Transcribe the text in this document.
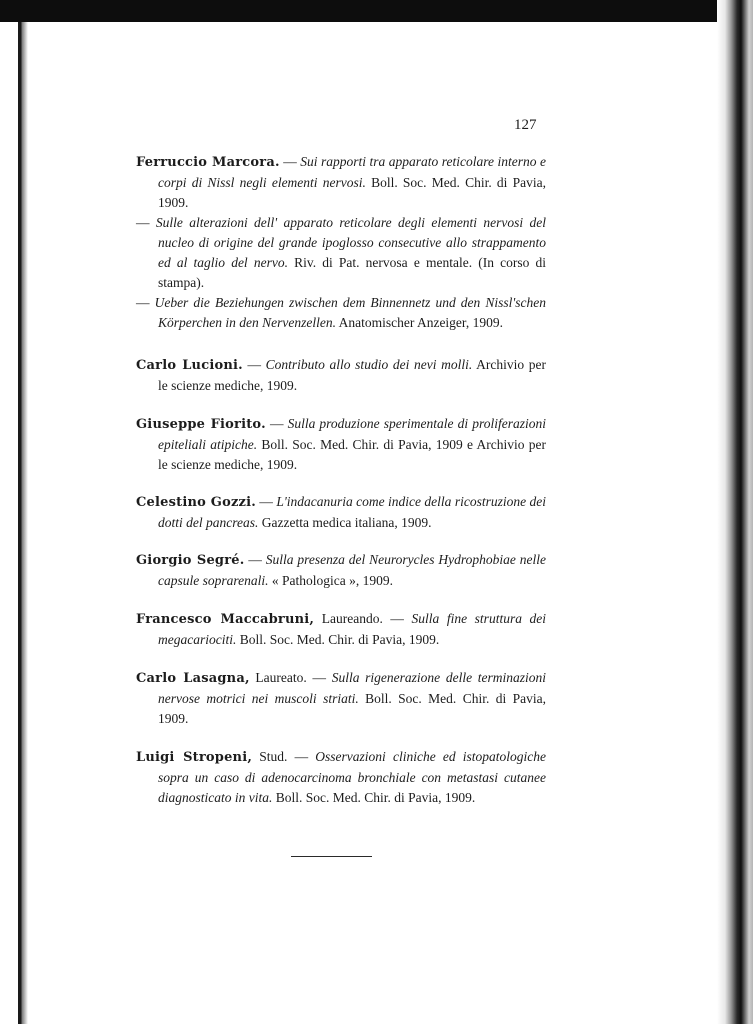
127

Ferruccio Marcora. — Sui rapporti tra apparato reticolare interno e corpi di Nissl negli elementi nervosi. Boll. Soc. Med. Chir. di Pavia, 1909.

— Sulle alterazioni dell' apparato reticolare degli elementi nervosi del nucleo di origine del grande ipoglosso consecutive allo strappamento ed al taglio del nervo. Riv. di Pat. nervosa e mentale. (In corso di stampa).

— Ueber die Beziehungen zwischen dem Binnennetz und den Nissl'schen Körperchen in den Nervenzellen. Anatomischer Anzeiger, 1909.

Carlo Lucioni. — Contributo allo studio dei nevi molli. Archivio per le scienze mediche, 1909.

Giuseppe Fiorito. — Sulla produzione sperimentale di proliferazioni epiteliali atipiche. Boll. Soc. Med. Chir. di Pavia, 1909 e Archivio per le scienze mediche, 1909.

Celestino Gozzi. — L'indacanuria come indice della ricostruzione dei dotti del pancreas. Gazzetta medica italiana, 1909.

Giorgio Segré. — Sulla presenza del Neurorycles Hydrophobiae nelle capsule soprarenali. « Pathologica », 1909.

Francesco Maccabruni, Laureando. — Sulla fine struttura dei megacariociti. Boll. Soc. Med. Chir. di Pavia, 1909.

Carlo Lasagna, Laureato. — Sulla rigenerazione delle terminazioni nervose motrici nei muscoli striati. Boll. Soc. Med. Chir. di Pavia, 1909.

Luigi Stropeni, Stud. — Osservazioni cliniche ed istopatologiche sopra un caso di adenocarcinoma bronchiale con metastasi cutanee diagnosticato in vita. Boll. Soc. Med. Chir. di Pavia, 1909.
